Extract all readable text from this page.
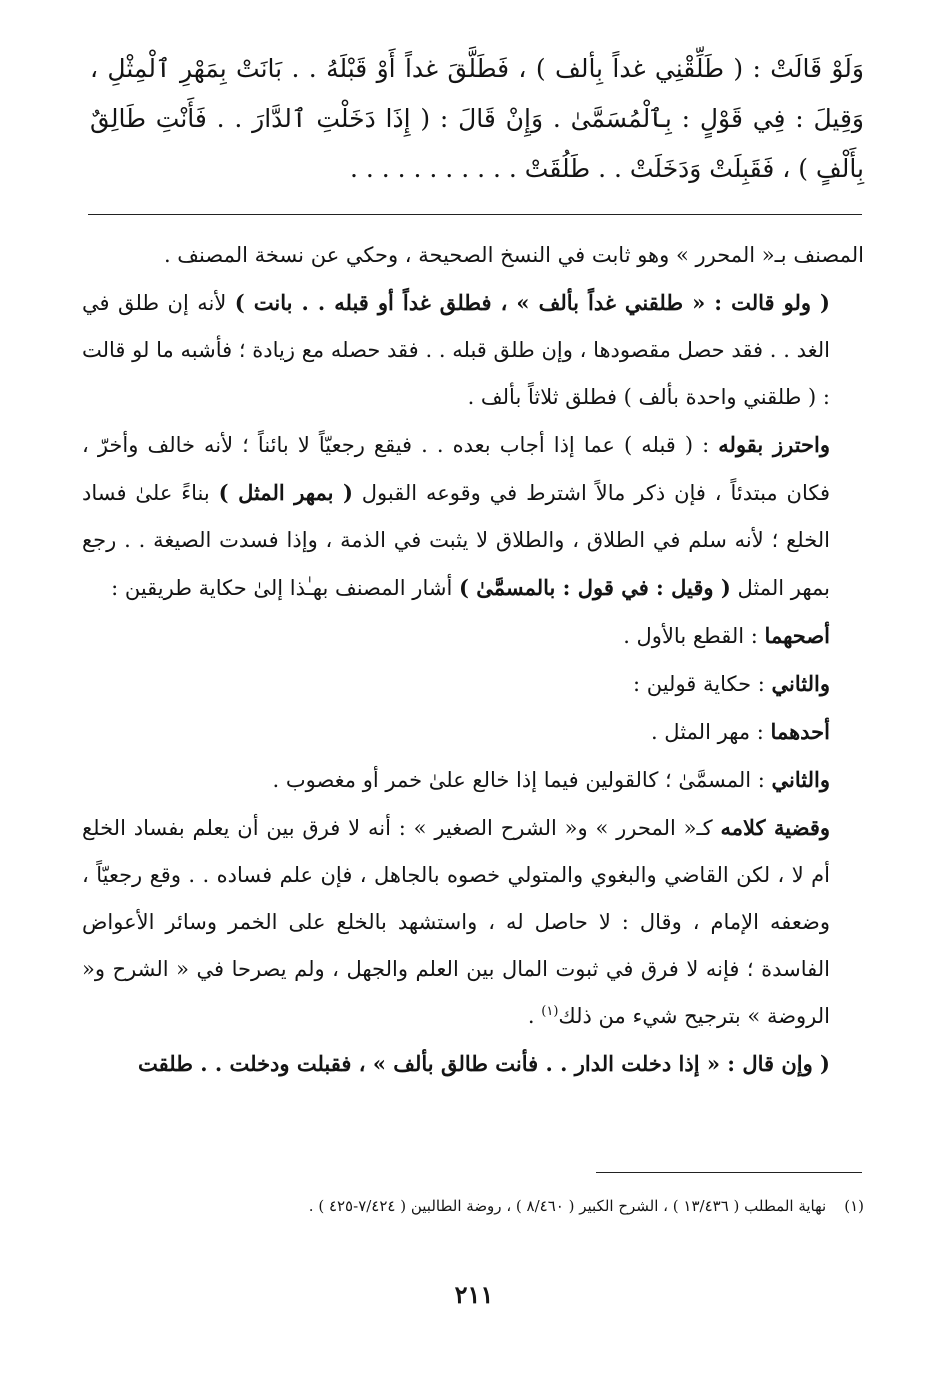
وَلَوْ قَالَتْ : ( طَلِّقْنِي غداً بِألف ) ، فَطَلَّقَ غداً أَوْ قَبْلَهُ . . بَانَتْ بِمَهْرِ ٱلْمِثْلِ ، وَقِيلَ : فِي قَوْلٍ : بِٱلْمُسَمَّىٰ . وَإِنْ قَالَ : ( إِذَا دَخَلْتِ ٱلدَّارَ . . فَأَنْتِ طَالِقٌ بِأَلْفٍ ) ، فَقَبِلَتْ وَدَخَلَتْ . . طَلُقَتْ . . . . . . . . . . .

المصنف بـ« المحرر » وهو ثابت في النسخ الصحيحة ، وحكي عن نسخة المصنف .

( ولو قالت : « طلقني غداً بألف » ، فطلق غداً أو قبله . . بانت ) لأنه إن طلق في الغد . . فقد حصل مقصودها ، وإن طلق قبله . . فقد حصله مع زيادة ؛ فأشبه ما لو قالت : ( طلقني واحدة بألف ) فطلق ثلاثاً بألف .

واحترز بقوله : ( قبله ) عما إذا أجاب بعده . . فيقع رجعيّاً لا بائناً ؛ لأنه خالف وأخرّ ، فكان مبتدئاً ، فإن ذكر مالاً اشترط في وقوعه القبول ( بمهر المثل ) بناءً علىٰ فساد الخلع ؛ لأنه سلم في الطلاق ، والطلاق لا يثبت في الذمة ، وإذا فسدت الصيغة . . رجع بمهر المثل ( وقيل : في قول : بالمسمَّىٰ ) أشار المصنف بهـٰذا إلىٰ حكاية طريقين :

أصحهما : القطع بالأول .

والثاني : حكاية قولين :

أحدهما : مهر المثل .

والثاني : المسمَّىٰ ؛ كالقولين فيما إذا خالع علىٰ خمر أو مغصوب .

وقضية كلامه كـ« المحرر » و« الشرح الصغير » : أنه لا فرق بين أن يعلم بفساد الخلع أم لا ، لكن القاضي والبغوي والمتولي خصوه بالجاهل ، فإن علم فساده . . وقع رجعيّاً ، وضعفه الإمام ، وقال : لا حاصل له ، واستشهد بالخلع على الخمر وسائر الأعواض الفاسدة ؛ فإنه لا فرق في ثبوت المال بين العلم والجهل ، ولم يصرحا في « الشرح و« الروضة » بترجيح شيء من ذلك$^{(١)}$ .

( وإن قال : « إذا دخلت الدار . . فأنت طالق بألف » ، فقبلت ودخلت . . طلقت

(١)نهاية المطلب ( ١٣/٤٣٦ ) ، الشرح الكبير ( ٨/٤٦٠ ) ، روضة الطالبين ( ٧/٤٢٤-٤٢٥ ) .
٢١١
